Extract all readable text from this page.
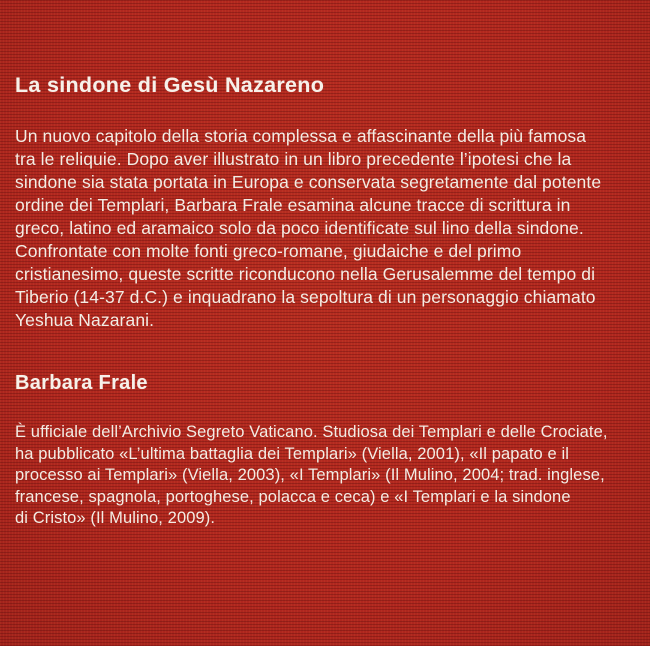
La sindone di Gesù Nazareno
Un nuovo capitolo della storia complessa e affascinante della più famosa
tra le reliquie. Dopo aver illustrato in un libro precedente l’ipotesi che la
sindone sia stata portata in Europa e conservata segretamente dal potente
ordine dei Templari, Barbara Frale esamina alcune tracce di scrittura in
greco, latino ed aramaico solo da poco identificate sul lino della sindone.
Confrontate con molte fonti greco-romane, giudaiche e del primo
cristianesimo, queste scritte riconducono nella Gerusalemme del tempo di
Tiberio (14-37 d.C.) e inquadrano la sepoltura di un personaggio chiamato
Yeshua Nazarani.
Barbara Frale
È ufficiale dell’Archivio Segreto Vaticano. Studiosa dei Templari e delle Crociate,
ha pubblicato «L’ultima battaglia dei Templari» (Viella, 2001), «Il papato e il
processo ai Templari» (Viella, 2003), «I Templari» (Il Mulino, 2004; trad. inglese,
francese, spagnola, portoghese, polacca e ceca) e «I Templari e la sindone
di Cristo» (Il Mulino, 2009).
